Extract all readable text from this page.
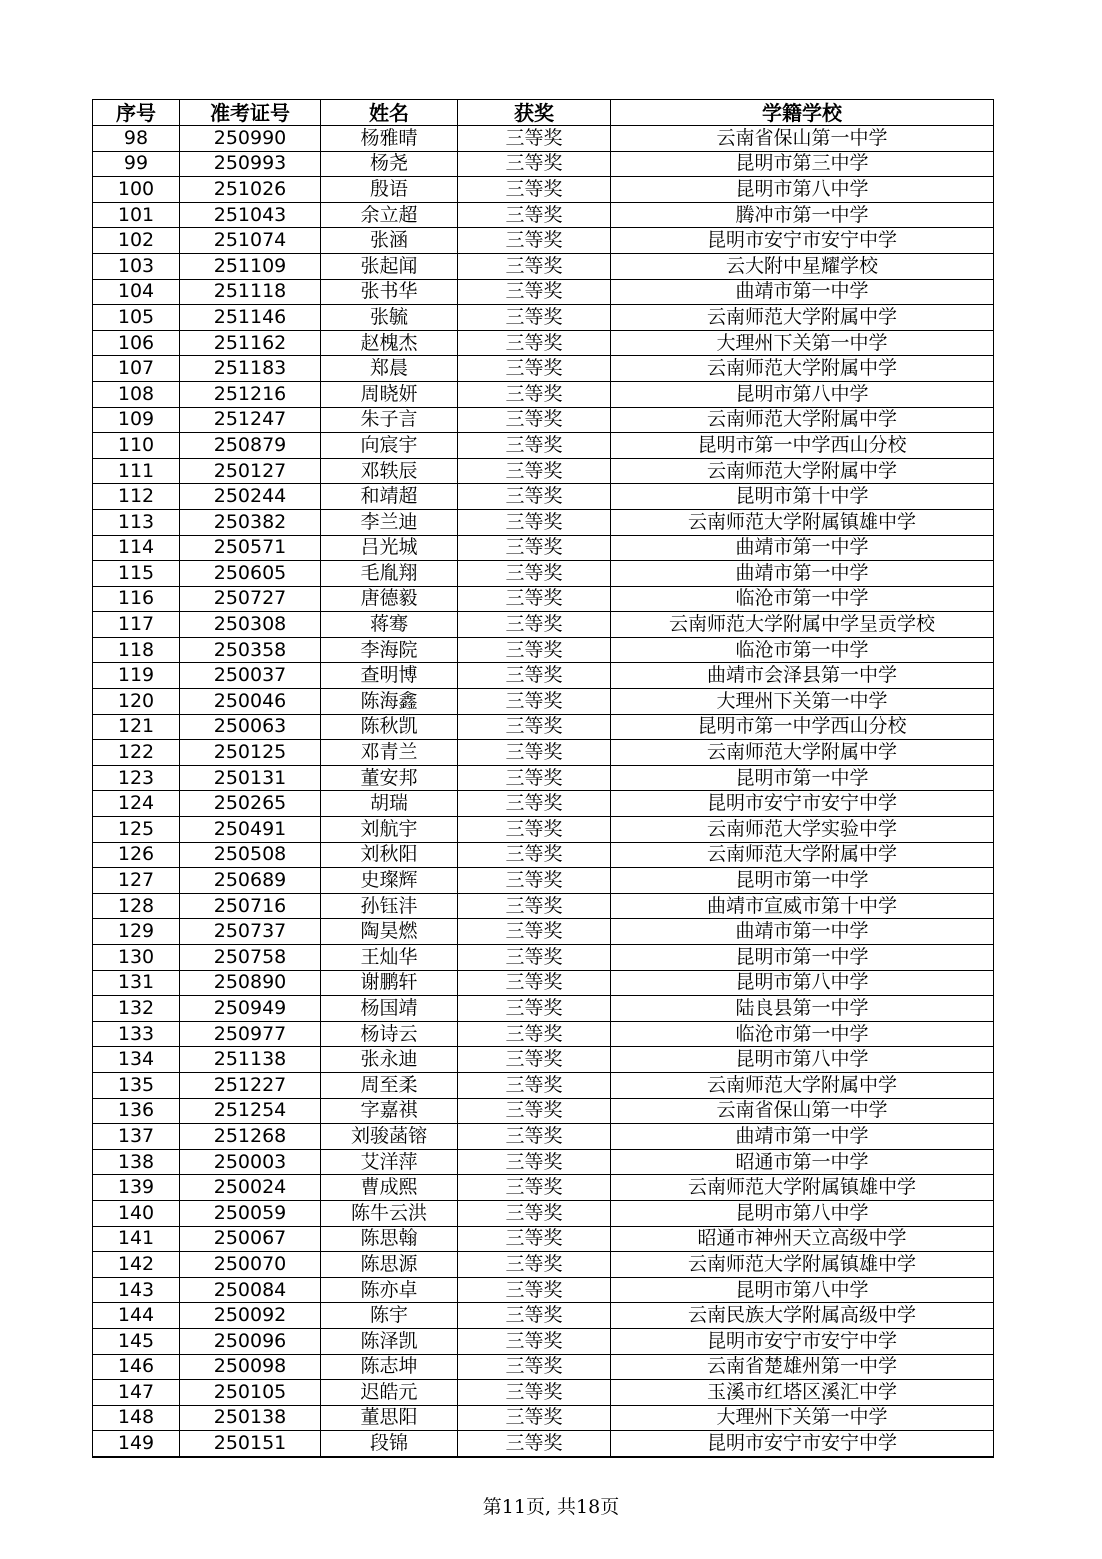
序号	准考证号	姓名	获奖	学籍学校
98	250990	杨雅晴	三等奖	云南省保山第一中学
99	250993	杨尧	三等奖	昆明市第三中学
100	251026	殷语	三等奖	昆明市第八中学
101	251043	余立超	三等奖	腾冲市第一中学
102	251074	张涵	三等奖	昆明市安宁市安宁中学
103	251109	张起闻	三等奖	云大附中星耀学校
104	251118	张书华	三等奖	曲靖市第一中学
105	251146	张毓	三等奖	云南师范大学附属中学
106	251162	赵槐杰	三等奖	大理州下关第一中学
107	251183	郑晨	三等奖	云南师范大学附属中学
108	251216	周晓妍	三等奖	昆明市第八中学
109	251247	朱子言	三等奖	云南师范大学附属中学
110	250879	向宸宇	三等奖	昆明市第一中学西山分校
111	250127	邓轶辰	三等奖	云南师范大学附属中学
112	250244	和靖超	三等奖	昆明市第十中学
113	250382	李兰迪	三等奖	云南师范大学附属镇雄中学
114	250571	吕光城	三等奖	曲靖市第一中学
115	250605	毛胤翔	三等奖	曲靖市第一中学
116	250727	唐德毅	三等奖	临沧市第一中学
117	250308	蒋骞	三等奖	云南师范大学附属中学呈贡学校
118	250358	李海院	三等奖	临沧市第一中学
119	250037	查明博	三等奖	曲靖市会泽县第一中学
120	250046	陈海鑫	三等奖	大理州下关第一中学
121	250063	陈秋凯	三等奖	昆明市第一中学西山分校
122	250125	邓青兰	三等奖	云南师范大学附属中学
123	250131	董安邦	三等奖	昆明市第一中学
124	250265	胡瑞	三等奖	昆明市安宁市安宁中学
125	250491	刘航宇	三等奖	云南师范大学实验中学
126	250508	刘秋阳	三等奖	云南师范大学附属中学
127	250689	史璨辉	三等奖	昆明市第一中学
128	250716	孙钰沣	三等奖	曲靖市宣威市第十中学
129	250737	陶昊燃	三等奖	曲靖市第一中学
130	250758	王灿华	三等奖	昆明市第一中学
131	250890	谢鹏轩	三等奖	昆明市第八中学
132	250949	杨国靖	三等奖	陆良县第一中学
133	250977	杨诗云	三等奖	临沧市第一中学
134	251138	张永迪	三等奖	昆明市第八中学
135	251227	周至柔	三等奖	云南师范大学附属中学
136	251254	字嘉祺	三等奖	云南省保山第一中学
137	251268	刘骏菡镕	三等奖	曲靖市第一中学
138	250003	艾洋萍	三等奖	昭通市第一中学
139	250024	曹成熙	三等奖	云南师范大学附属镇雄中学
140	250059	陈牛云洪	三等奖	昆明市第八中学
141	250067	陈思翰	三等奖	昭通市神州天立高级中学
142	250070	陈思源	三等奖	云南师范大学附属镇雄中学
143	250084	陈亦卓	三等奖	昆明市第八中学
144	250092	陈宇	三等奖	云南民族大学附属高级中学
145	250096	陈泽凯	三等奖	昆明市安宁市安宁中学
146	250098	陈志坤	三等奖	云南省楚雄州第一中学
147	250105	迟皓元	三等奖	玉溪市红塔区溪汇中学
148	250138	董思阳	三等奖	大理州下关第一中学
149	250151	段锦	三等奖	昆明市安宁市安宁中学
第11页, 共18页
